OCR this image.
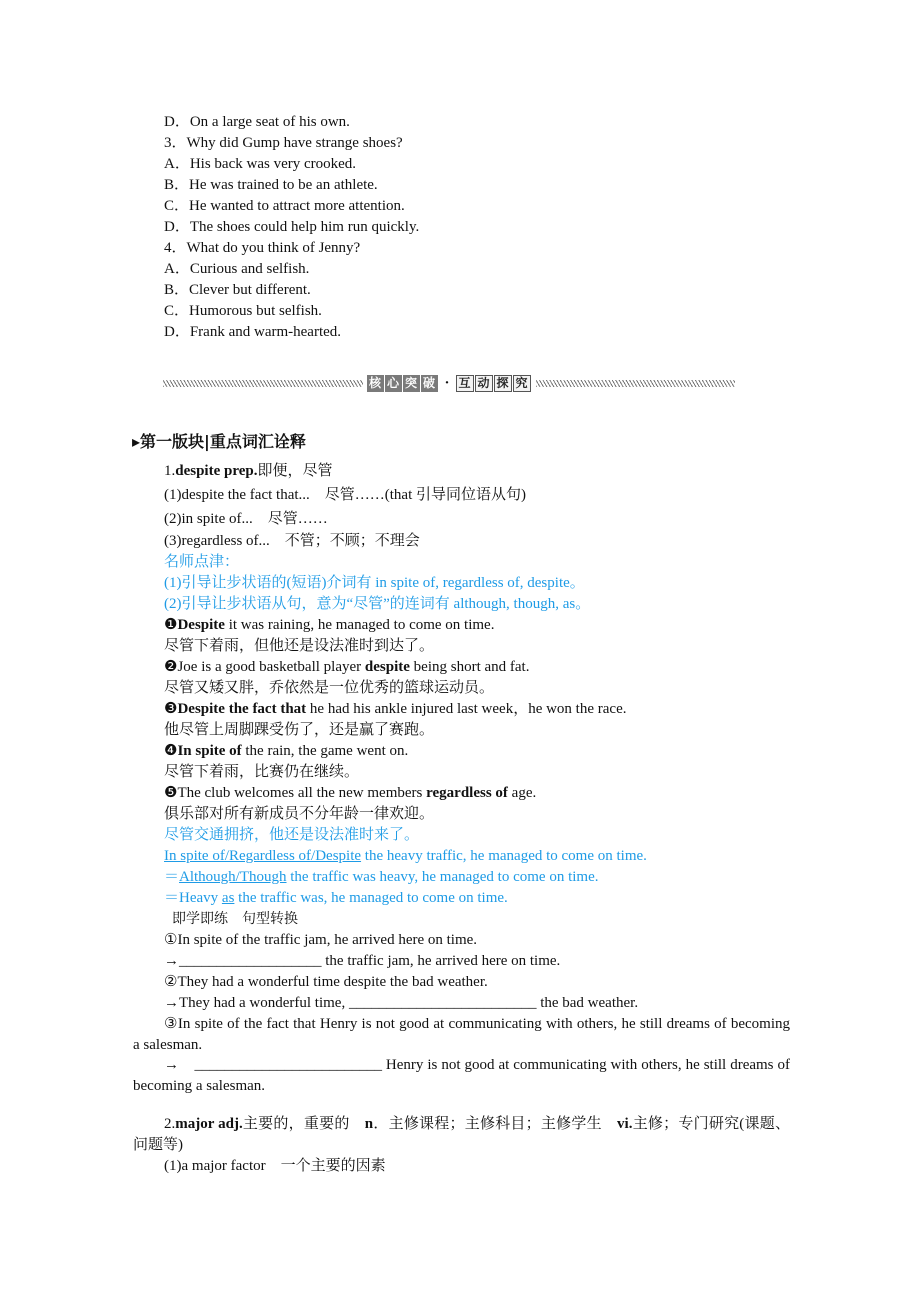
D．On a large seat of his own.
3．Why did Gump have strange shoes?
A．His back was very crooked.
B．He was trained to be an athlete.
C．He wanted to attract more attention.
D．The shoes could help him run quickly.
4．What do you think of Jenny?
A．Curious and selfish.
B．Clever but different.
C．Humorous but selfish.
D．Frank and warm-hearted.
核 心 突 破 · 互 动 探 究
▸第一版块|重点词汇诠释
1.despite prep.即便，尽管
(1)despite the fact that...　尽管……(that 引导同位语从句)
(2)in spite of...　尽管……
(3)regardless of...　不管；不顾；不理会
名师点津：
(1)引导让步状语的(短语)介词有 in spite of, regardless of, despite。
(2)引导让步状语从句，意为“尽管”的连词有 although, though, as。
❶Despite it was raining, he managed to come on time.
尽管下着雨，但他还是设法准时到达了。
❷Joe is a good basketball player despite being short and fat.
尽管又矮又胖，乔依然是一位优秀的篮球运动员。
❸Despite the fact that he had his ankle injured last week，he won the race.
他尽管上周脚踝受伤了，还是赢了赛跑。
❹In spite of the rain, the game went on.
尽管下着雨，比赛仍在继续。
❺The club welcomes all the new members regardless of age.
俱乐部对所有新成员不分年龄一律欢迎。
尽管交通拥挤，他还是设法准时来了。
In spite of/Regardless of/Despite the heavy traffic, he managed to come on time.
＝Although/Though the traffic was heavy, he managed to come on time.
＝Heavy as the traffic was, he managed to come on time.
即学即练　句型转换
①In spite of the traffic jam, he arrived here on time.
→___________________ the traffic jam, he arrived here on time.
②They had a wonderful time despite the bad weather.
→They had a wonderful time, _________________________ the bad weather.
③In spite of the fact that Henry is not good at communicating with others, he still dreams of becoming a salesman.
→　_________________________ Henry is not good at communicating with others, he still dreams of becoming a salesman.
2.major adj.主要的，重要的　n．主修课程；主修科目；主修学生　vi.主修；专门研究(课题、问题等)
(1)a major factor　一个主要的因素
